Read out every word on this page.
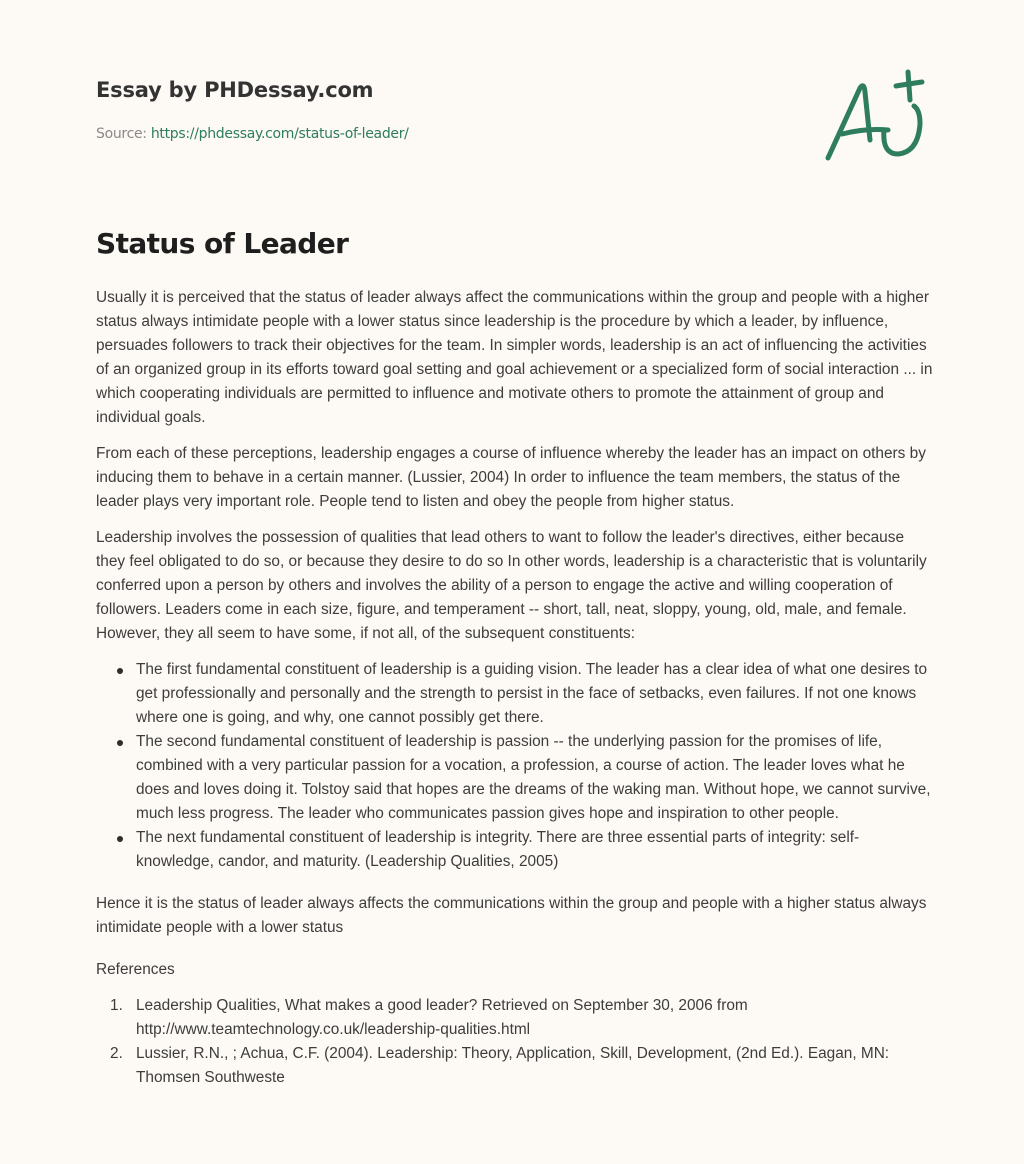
Essay by PHDessay.com
Source: https://phdessay.com/status-of-leader/
Status of Leader

Usually it is perceived that the status of leader always affect the communications within the group and people with a higher status always intimidate people with a lower status since leadership is the procedure by which a leader, by influence, persuades followers to track their objectives for the team. In simpler words, leadership is an act of influencing the activities of an organized group in its efforts toward goal setting and goal achievement or a specialized form of social interaction ... in which cooperating individuals are permitted to influence and motivate others to promote the attainment of group and individual goals.

From each of these perceptions, leadership engages a course of influence whereby the leader has an impact on others by inducing them to behave in a certain manner. (Lussier, 2004) In order to influence the team members, the status of the leader plays very important role. People tend to listen and obey the people from higher status.

Leadership involves the possession of qualities that lead others to want to follow the leader's directives, either because they feel obligated to do so, or because they desire to do so In other words, leadership is a characteristic that is voluntarily conferred upon a person by others and involves the ability of a person to engage the active and willing cooperation of followers. Leaders come in each size, figure, and temperament -- short, tall, neat, sloppy, young, old, male, and female. However, they all seem to have some, if not all, of the subsequent constituents:

The first fundamental constituent of leadership is a guiding vision. The leader has a clear idea of what one desires to get professionally and personally and the strength to persist in the face of setbacks, even failures. If not one knows where one is going, and why, one cannot possibly get there.
The second fundamental constituent of leadership is passion -- the underlying passion for the promises of life, combined with a very particular passion for a vocation, a profession, a course of action. The leader loves what he does and loves doing it. Tolstoy said that hopes are the dreams of the waking man. Without hope, we cannot survive, much less progress. The leader who communicates passion gives hope and inspiration to other people.
The next fundamental constituent of leadership is integrity. There are three essential parts of integrity: self-knowledge, candor, and maturity. (Leadership Qualities, 2005)

Hence it is the status of leader always affects the communications within the group and people with a higher status always intimidate people with a lower status

References

Leadership Qualities, What makes a good leader? Retrieved on September 30, 2006 from http://www.teamtechnology.co.uk/leadership-qualities.html
Lussier, R.N., ; Achua, C.F. (2004). Leadership: Theory, Application, Skill, Development, (2nd Ed.). Eagan, MN: Thomsen Southweste
